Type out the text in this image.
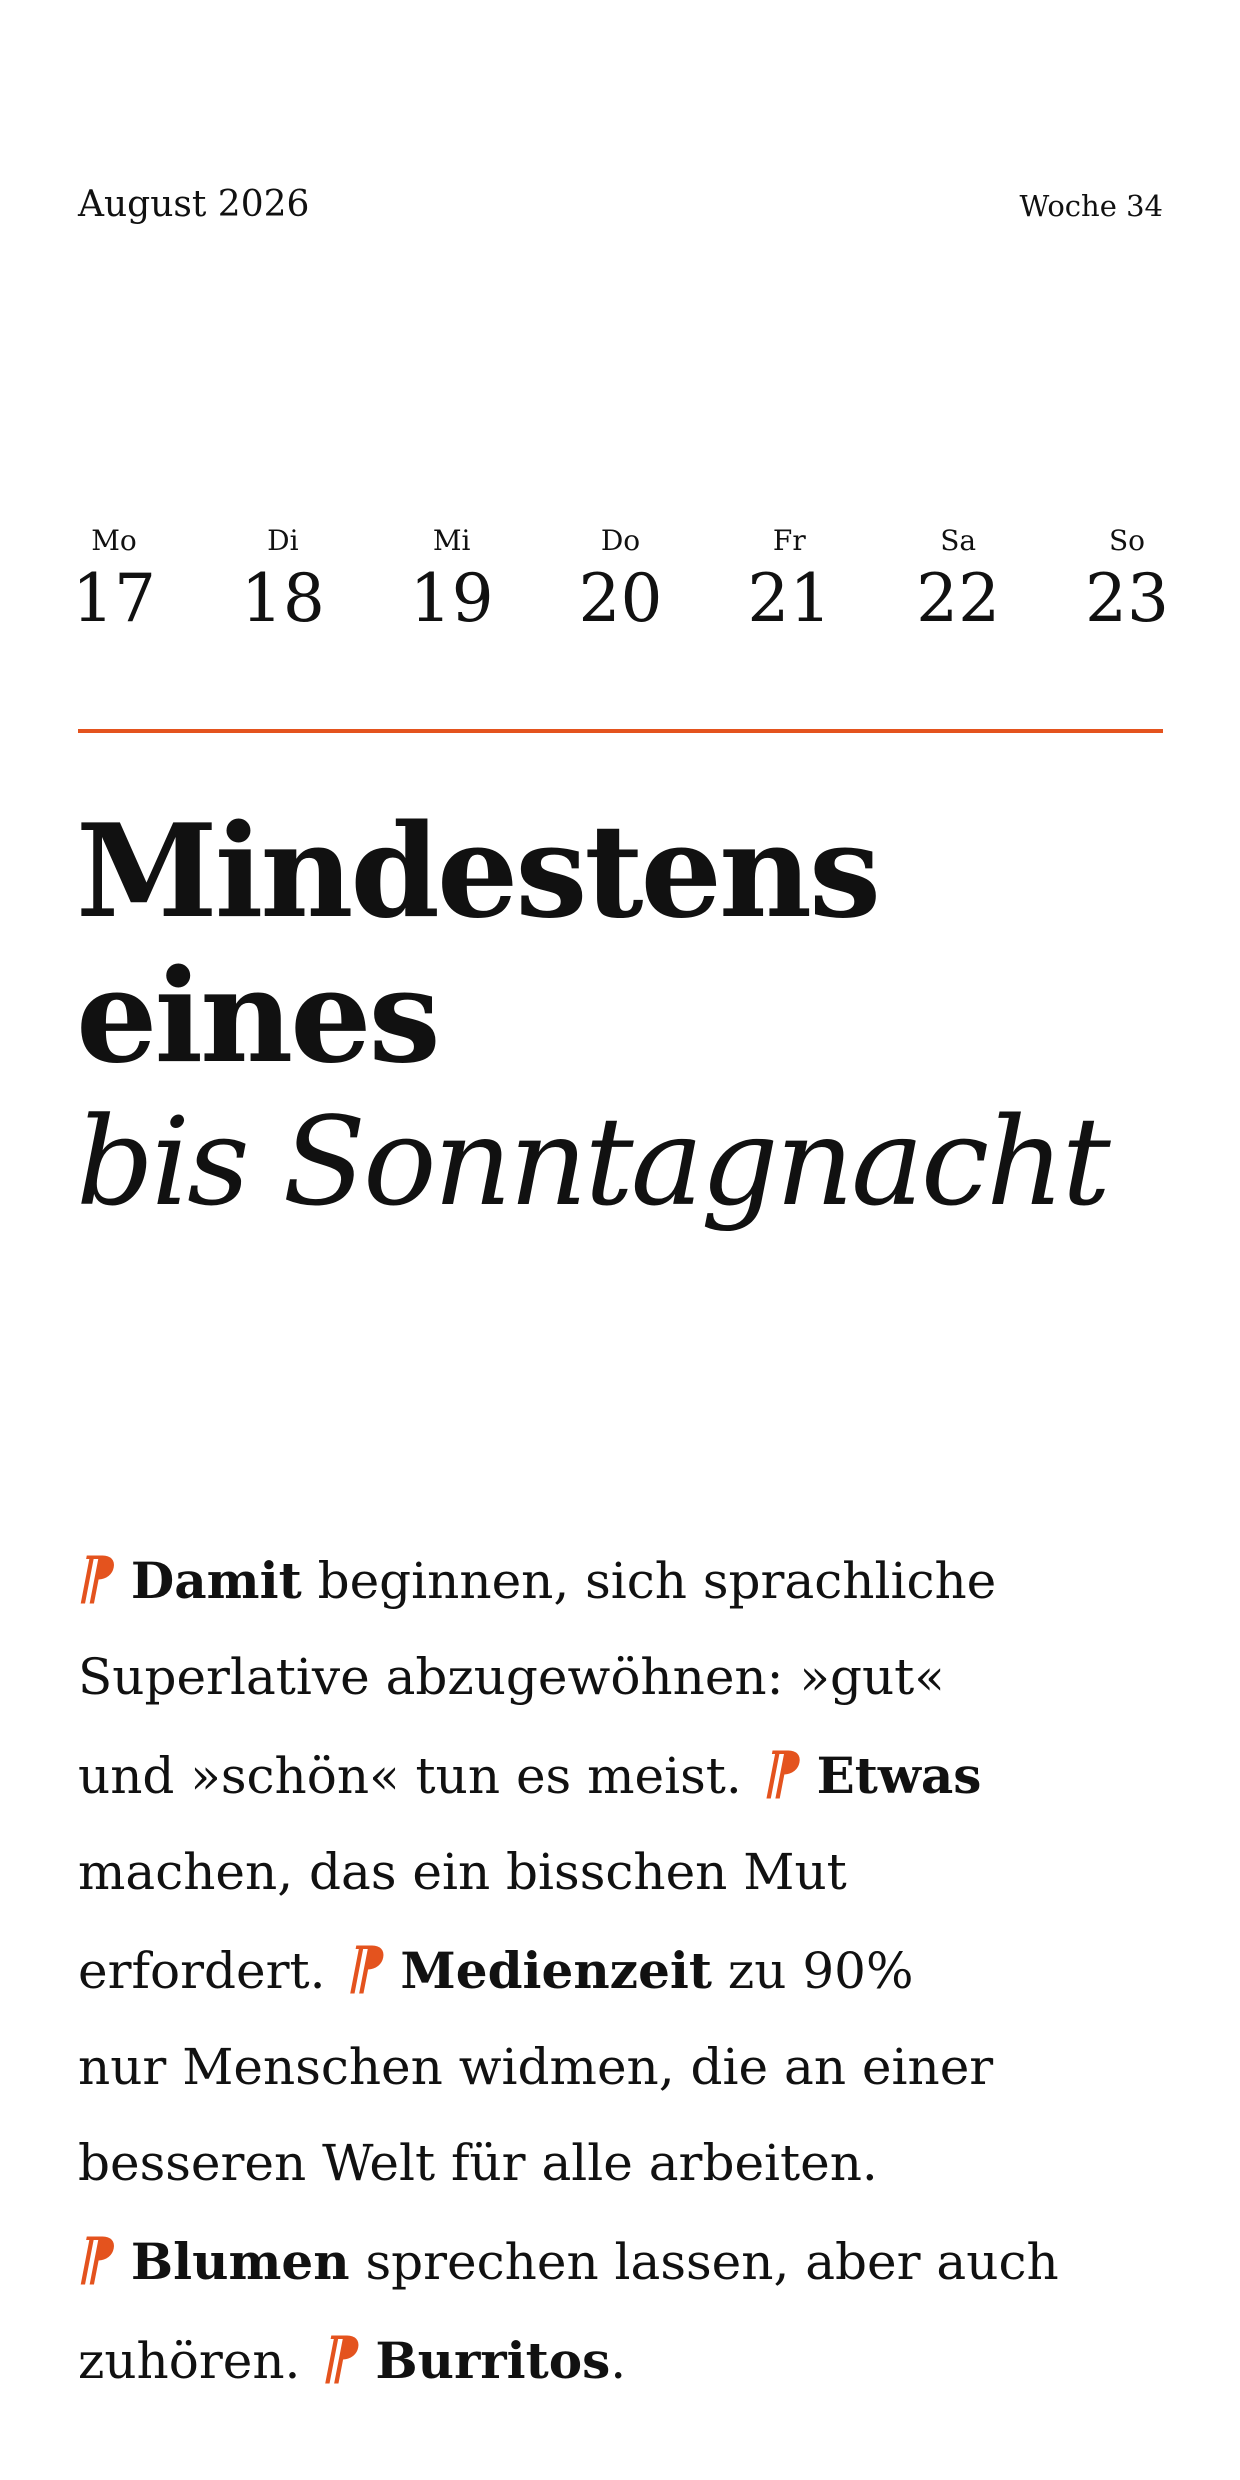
August 2026	Woche 34
Mo
17
Di
18
Mi
19
Do
20
Fr
21
Sa
22
So
23
Mindestens
eines
bis Sonntagnacht
⁋ Damit beginnen, sich sprachliche
Superlative abzugewöhnen: »gut«
und »schön« tun es meist. ⁋ Etwas
machen, das ein bisschen Mut
erfordert. ⁋ Medienzeit zu 90%
nur Menschen widmen, die an einer
besseren Welt für alle arbeiten.
⁋ Blumen sprechen lassen, aber auch
zuhören. ⁋ Burritos.
